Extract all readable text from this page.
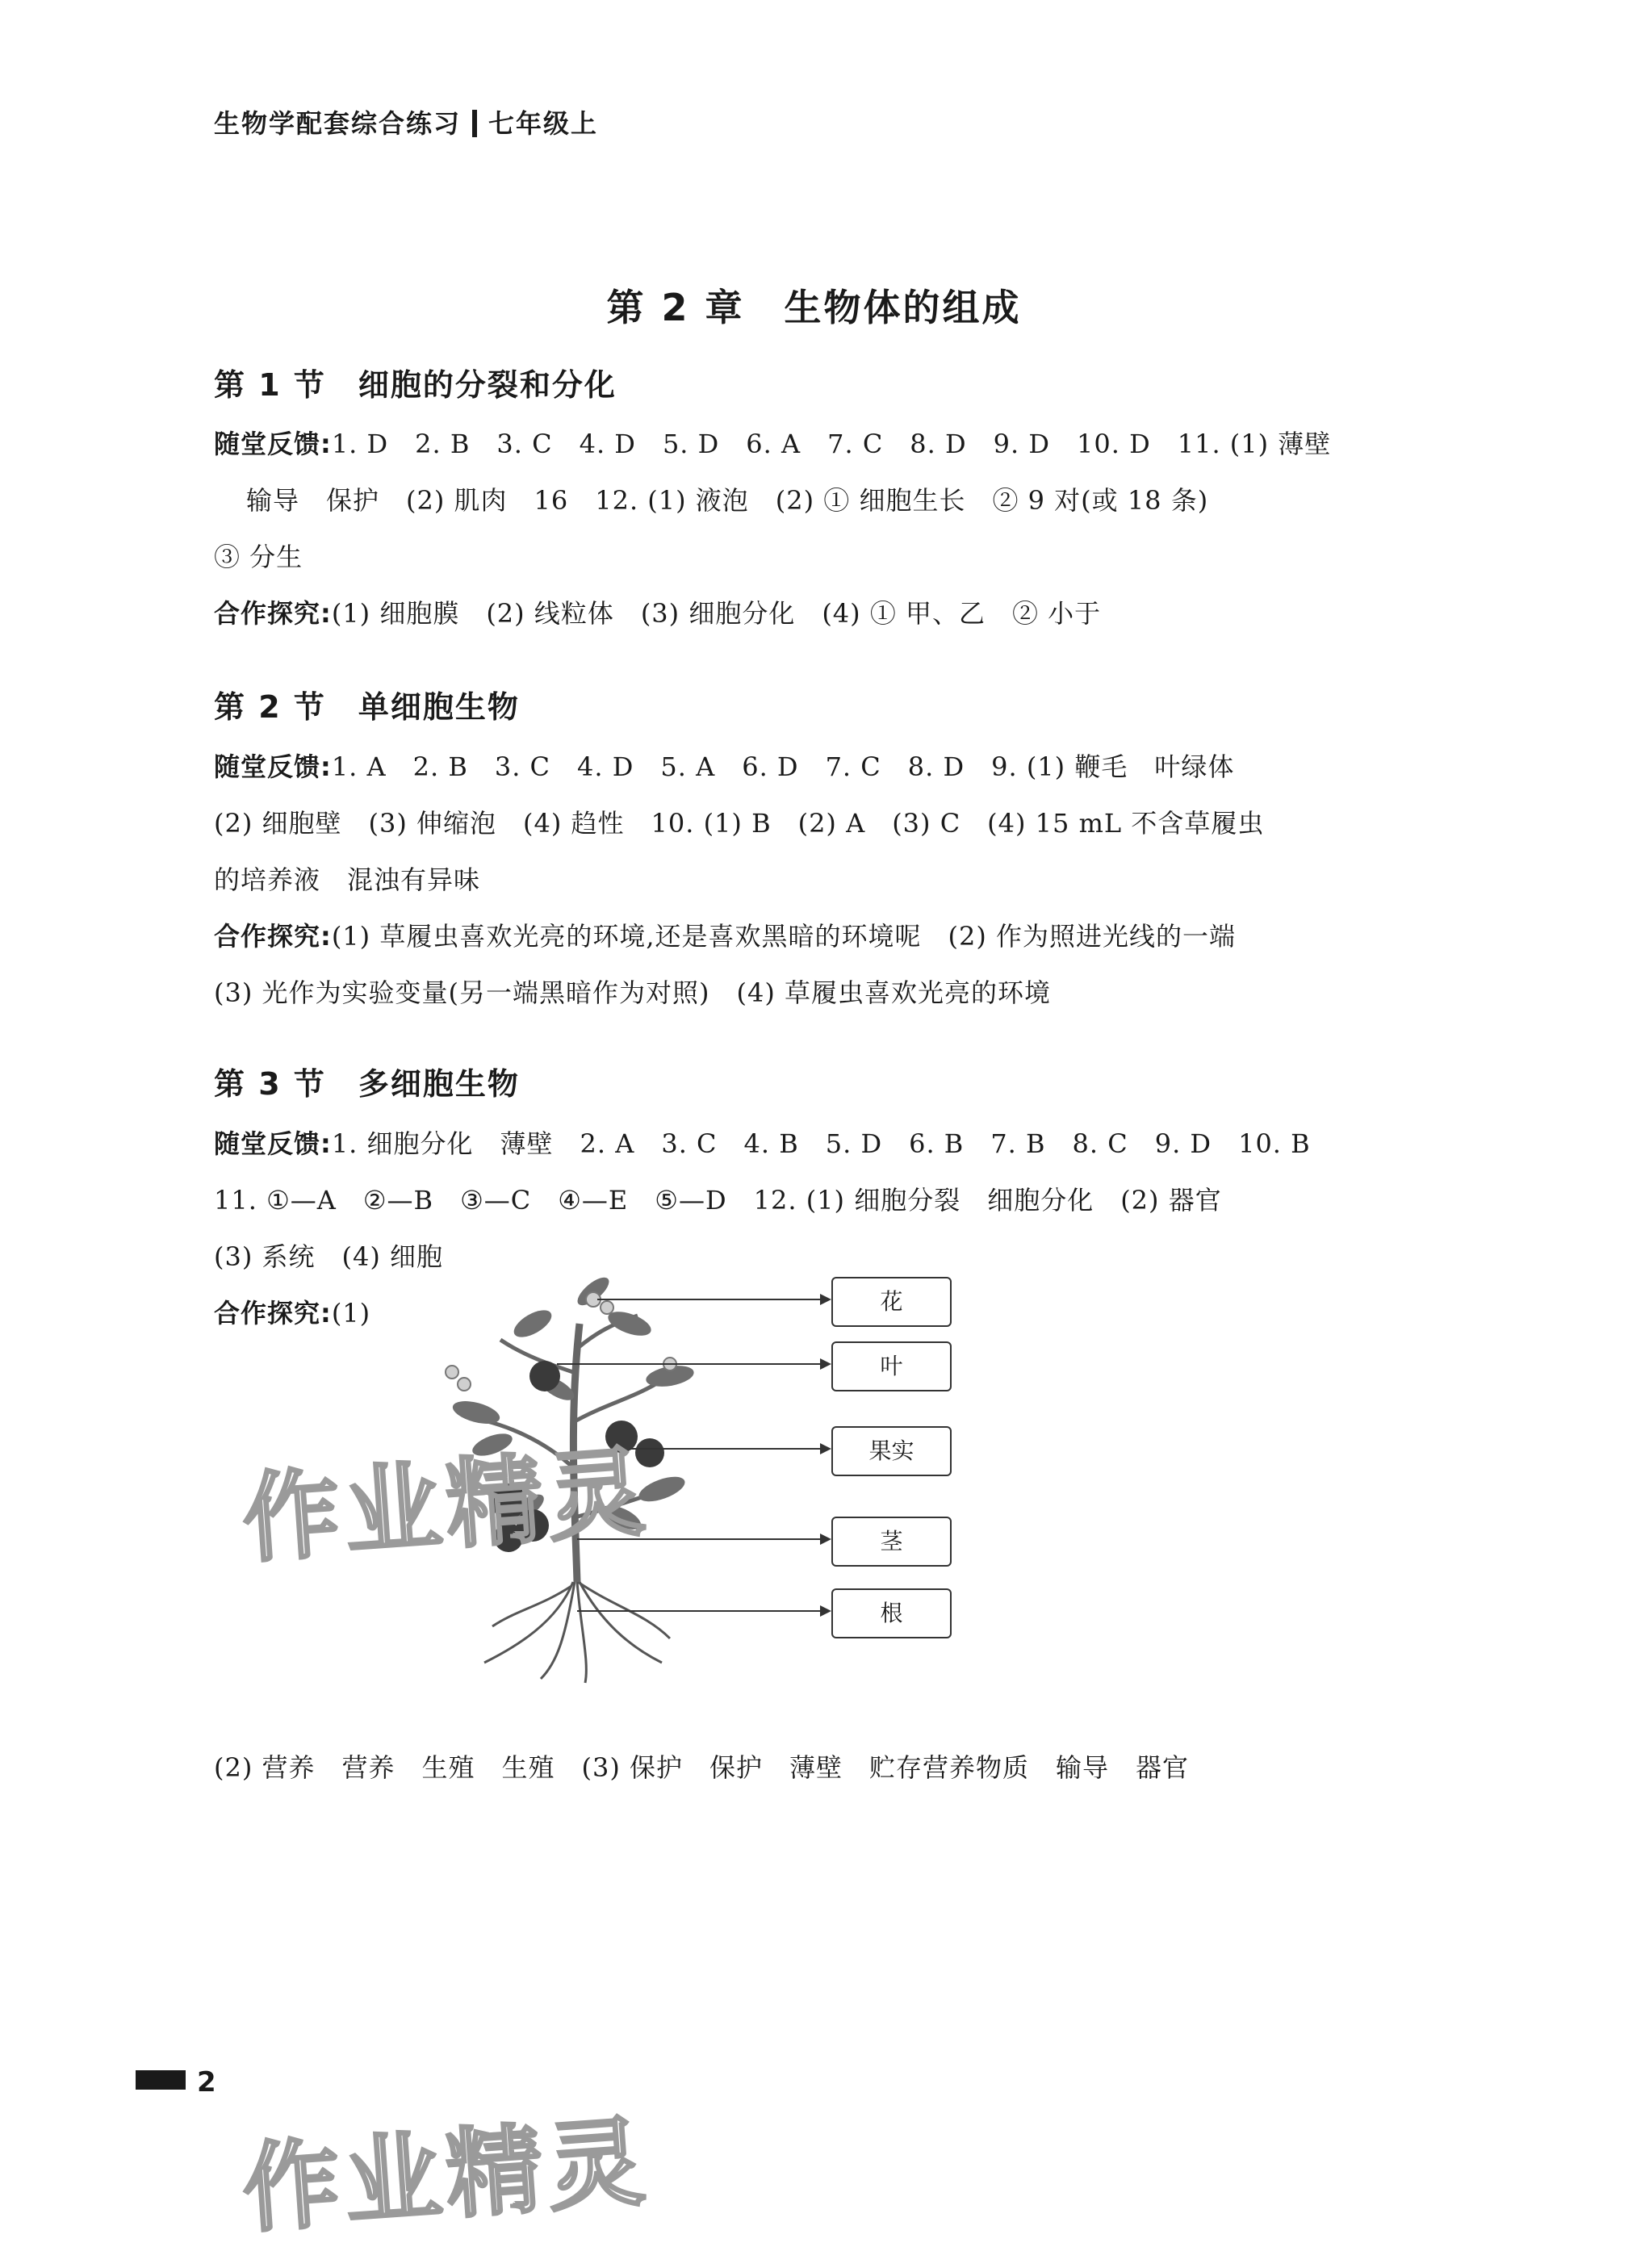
生物学配套综合练习 七年级上
第 2 章　生物体的组成
第 1 节　细胞的分裂和分化
随堂反馈:1. D　2. B　3. C　4. D　5. D　6. A　7. C　8. D　9. D　10. D　11. (1) 薄壁
输导　保护　(2) 肌肉　16　12. (1) 液泡　(2) ① 细胞生长　② 9 对(或 18 条)
③ 分生
合作探究:(1) 细胞膜　(2) 线粒体　(3) 细胞分化　(4) ① 甲、乙　② 小于
第 2 节　单细胞生物
随堂反馈:1. A　2. B　3. C　4. D　5. A　6. D　7. C　8. D　9. (1) 鞭毛　叶绿体
(2) 细胞壁　(3) 伸缩泡　(4) 趋性　10. (1) B　(2) A　(3) C　(4) 15 mL 不含草履虫
的培养液　混浊有异味
合作探究:(1) 草履虫喜欢光亮的环境,还是喜欢黑暗的环境呢　(2) 作为照进光线的一端
(3) 光作为实验变量(另一端黑暗作为对照)　(4) 草履虫喜欢光亮的环境
第 3 节　多细胞生物
随堂反馈:1. 细胞分化　薄壁　2. A　3. C　4. B　5. D　6. B　7. B　8. C　9. D　10. B
11. ①—A　②—B　③—C　④—E　⑤—D　12. (1) 细胞分裂　细胞分化　(2) 器官
(3) 系统　(4) 细胞
合作探究:(1)	花
叶
果实
茎
根
(2) 营养　营养　生殖　生殖　(3) 保护　保护　薄壁　贮存营养物质　输导　器官
作业精灵
作业精灵
2
